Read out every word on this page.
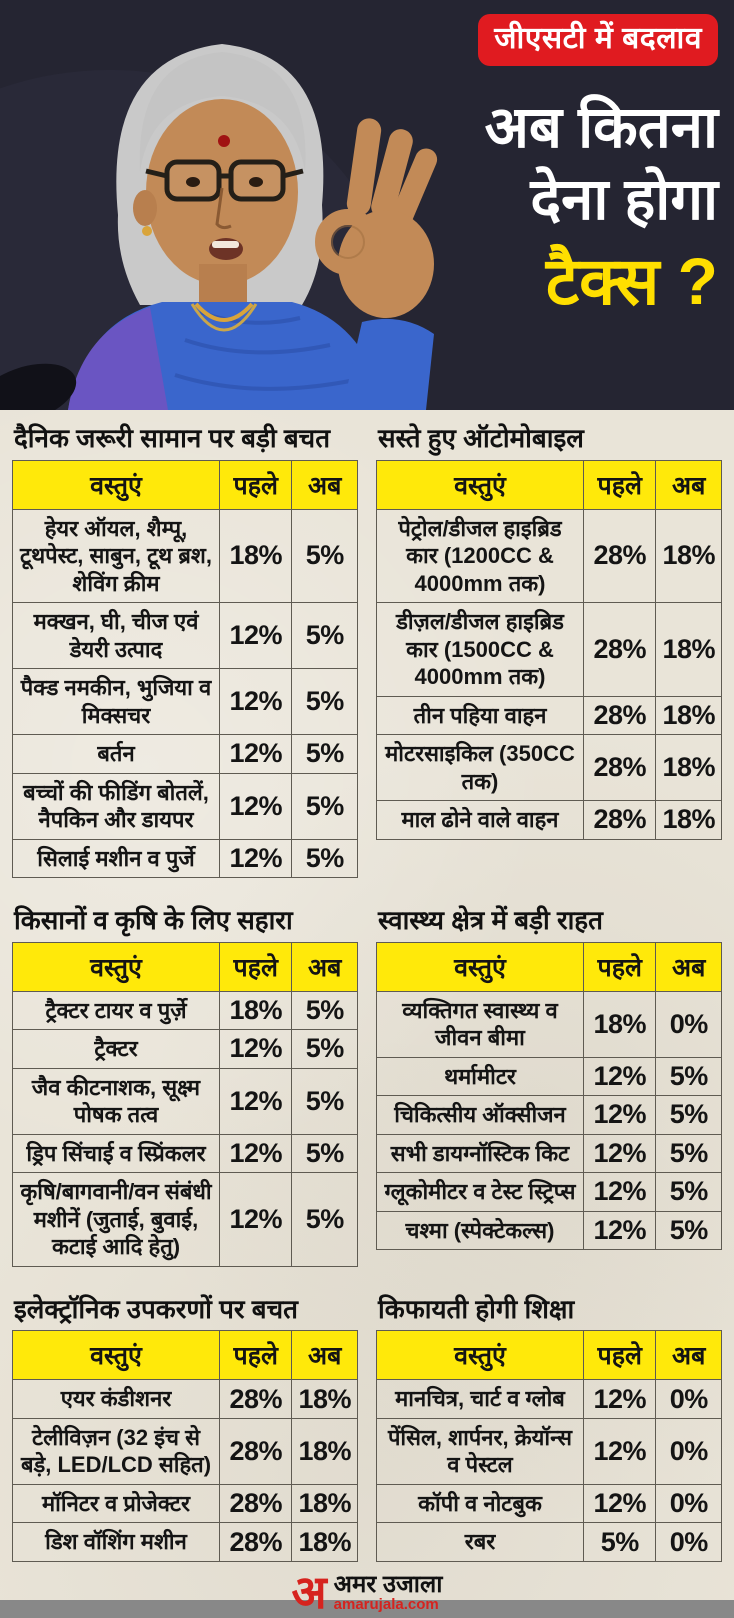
जीएसटी में बदलाव
अब कितना
देना होगा
टैक्स ?
दैनिक जरूरी सामान पर बड़ी बचत
वस्तुएं	पहले	अब
हेयर ऑयल, शैम्पू, टूथपेस्ट, साबुन, टूथ ब्रश, शेविंग क्रीम	18%	5%
मक्खन, घी, चीज एवं डेयरी उत्पाद	12%	5%
पैक्ड नमकीन, भुजिया व मिक्सचर	12%	5%
बर्तन	12%	5%
बच्चों की फीडिंग बोतलें, नैपकिन और डायपर	12%	5%
सिलाई मशीन व पुर्जे	12%	5%
सस्ते हुए ऑटोमोबाइल
वस्तुएं	पहले	अब
पेट्रोल/डीजल हाइब्रिड कार (1200CC & 4000mm तक)	28%	18%
डीज़ल/डीजल हाइब्रिड कार (1500CC & 4000mm तक)	28%	18%
तीन पहिया वाहन	28%	18%
मोटरसाइकिल (350CC तक)	28%	18%
माल ढोने वाले वाहन	28%	18%
किसानों व कृषि के लिए सहारा
वस्तुएं	पहले	अब
ट्रैक्टर टायर व पुर्ज़े	18%	5%
ट्रैक्टर	12%	5%
जैव कीटनाशक, सूक्ष्म पोषक तत्व	12%	5%
ड्रिप सिंचाई व स्प्रिंकलर	12%	5%
कृषि/बागवानी/वन संबंधी मशीनें (जुताई, बुवाई, कटाई आदि हेतु)	12%	5%
स्वास्थ्य क्षेत्र में बड़ी राहत
वस्तुएं	पहले	अब
व्यक्तिगत स्वास्थ्य व जीवन बीमा	18%	0%
थर्मामीटर	12%	5%
चिकित्सीय ऑक्सीजन	12%	5%
सभी डायग्नॉस्टिक किट	12%	5%
ग्लूकोमीटर व टेस्ट स्ट्रिप्स	12%	5%
चश्मा (स्पेक्टेकल्स)	12%	5%
इलेक्ट्रॉनिक उपकरणों पर बचत
वस्तुएं	पहले	अब
एयर कंडीशनर	28%	18%
टेलीविज़न (32 इंच से बड़े, LED/LCD सहित)	28%	18%
मॉनिटर व प्रोजेक्टर	28%	18%
डिश वॉशिंग मशीन	28%	18%
किफायती होगी शिक्षा
वस्तुएं	पहले	अब
मानचित्र, चार्ट व ग्लोब	12%	0%
पेंसिल, शार्पनर, क्रेयॉन्स व पेस्टल	12%	0%
कॉपी व नोटबुक	12%	0%
रबर	5%	0%
अ अमर उजाला
amarujala.com
